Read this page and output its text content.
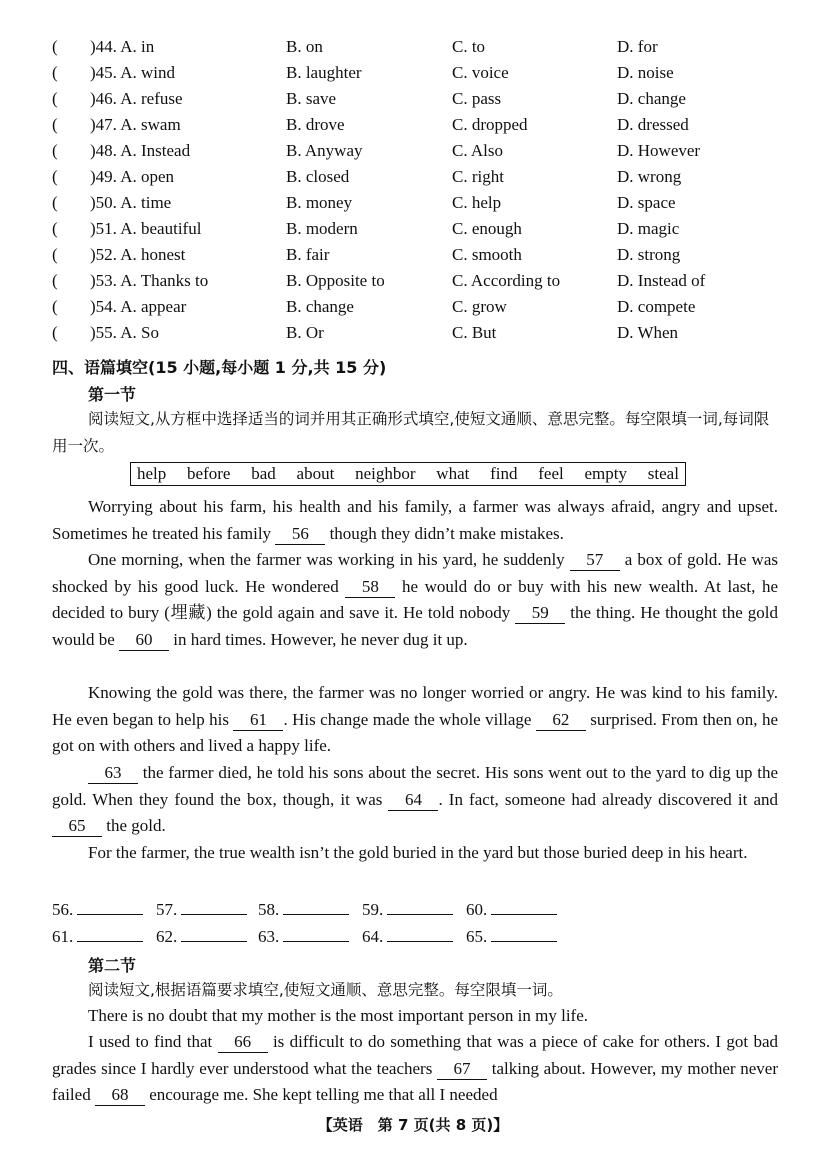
( )44. A. in	B. on	C. to	D. for
( )45. A. wind	B. laughter	C. voice	D. noise
( )46. A. refuse	B. save	C. pass	D. change
( )47. A. swam	B. drove	C. dropped	D. dressed
( )48. A. Instead	B. Anyway	C. Also	D. However
( )49. A. open	B. closed	C. right	D. wrong
( )50. A. time	B. money	C. help	D. space
( )51. A. beautiful	B. modern	C. enough	D. magic
( )52. A. honest	B. fair	C. smooth	D. strong
( )53. A. Thanks to	B. Opposite to	C. According to	D. Instead of
( )54. A. appear	B. change	C. grow	D. compete
( )55. A. So	B. Or	C. But	D. When
四、语篇填空(15 小题,每小题 1 分,共 15 分)
第一节
阅读短文,从方框中选择适当的词并用其正确形式填空,使短文通顺、意思完整。每空限填一词,每词限用一次。
help before bad about neighbor what find feel empty steal
Worrying about his farm, his health and his family, a farmer was always afraid, angry and upset. Sometimes he treated his family 56 though they didn’t make mistakes.
One morning, when the farmer was working in his yard, he suddenly 57 a box of gold. He was shocked by his good luck. He wondered 58 he would do or buy with his new wealth. At last, he decided to bury (埋藏) the gold again and save it. He told nobody 59 the thing. He thought the gold would be 60 in hard times. However, he never dug it up.
Knowing the gold was there, the farmer was no longer worried or angry. He was kind to his family. He even began to help his 61 . His change made the whole village 62 surprised. From then on, he got on with others and lived a happy life.
63 the farmer died, he told his sons about the secret. His sons went out to the yard to dig up the gold. When they found the box, though, it was 64 . In fact, someone had already discovered it and 65 the gold.
For the farmer, the true wealth isn’t the gold buried in the yard but those buried deep in his heart.
56.	57.	58.	59.	60.
61.	62.	63.	64.	65.
第二节
阅读短文,根据语篇要求填空,使短文通顺、意思完整。每空限填一词。
There is no doubt that my mother is the most important person in my life.
I used to find that 66 is difficult to do something that was a piece of cake for others. I got bad grades since I hardly ever understood what the teachers 67 talking about. However, my mother never failed 68 encourage me. She kept telling me that all I needed
【英语　第 7 页(共 8 页)】
